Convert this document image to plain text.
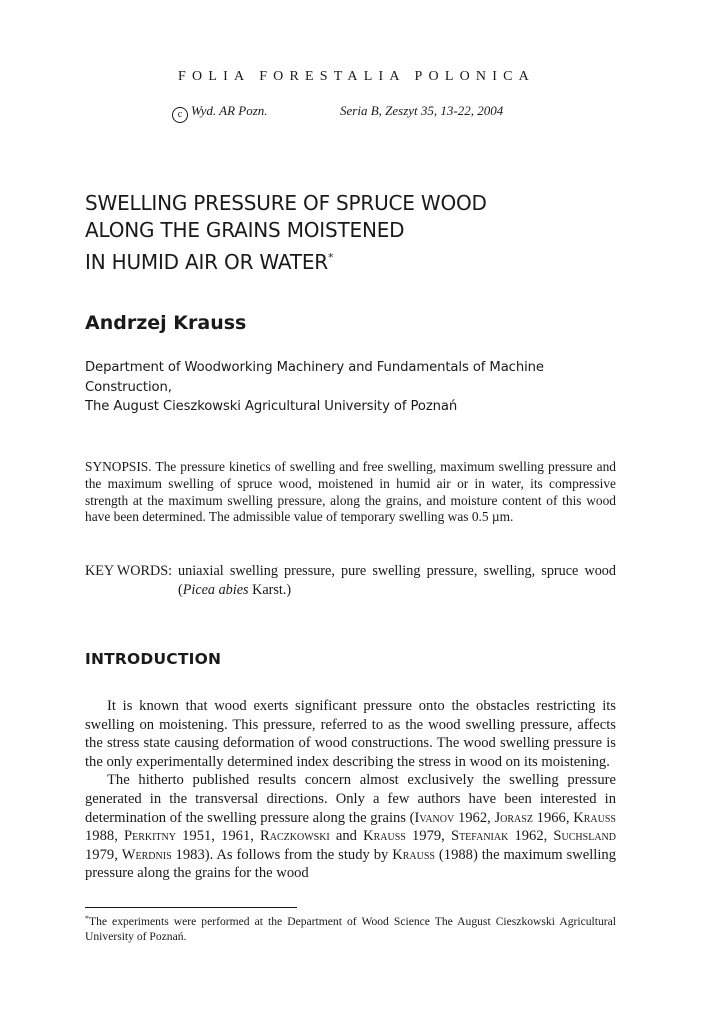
FOLIA FORESTALIA POLONICA
c Wyd. AR Pozn.	Seria B, Zeszyt 35, 13-22, 2004
SWELLING PRESSURE OF SPRUCE WOOD
ALONG THE GRAINS MOISTENED
IN HUMID AIR OR WATER*
Andrzej Krauss
Department of Woodworking Machinery and Fundamentals of Machine Construction,
The August Cieszkowski Agricultural University of Poznań

SYNOPSIS. The pressure kinetics of swelling and free swelling, maximum swelling pressure and the maximum swelling of spruce wood, moistened in humid air or in water, its compressive strength at the maximum swelling pressure, along the grains, and moisture content of this wood have been determined. The admissible value of temporary swelling was 0.5 µm.

KEY WORDS: uniaxial swelling pressure, pure swelling pressure, swelling, spruce wood (Picea abies Karst.)
INTRODUCTION

It is known that wood exerts significant pressure onto the obstacles restricting its swelling on moistening. This pressure, referred to as the wood swelling pressure, affects the stress state causing deformation of wood constructions. The wood swelling pressure is the only experimentally determined index describing the stress in wood on its moistening.

The hitherto published results concern almost exclusively the swelling pressure generated in the transversal directions. Only a few authors have been interested in determination of the swelling pressure along the grains (Ivanov 1962, Jorasz 1966, Krauss 1988, Perkitny 1951, 1961, Raczkowski and Krauss 1979, Stefaniak 1962, Suchsland 1979, Werdnis 1983). As follows from the study by Krauss (1988) the maximum swelling pressure along the grains for the wood

*The experiments were performed at the Department of Wood Science The August Cieszkowski Agricultural University of Poznań.
